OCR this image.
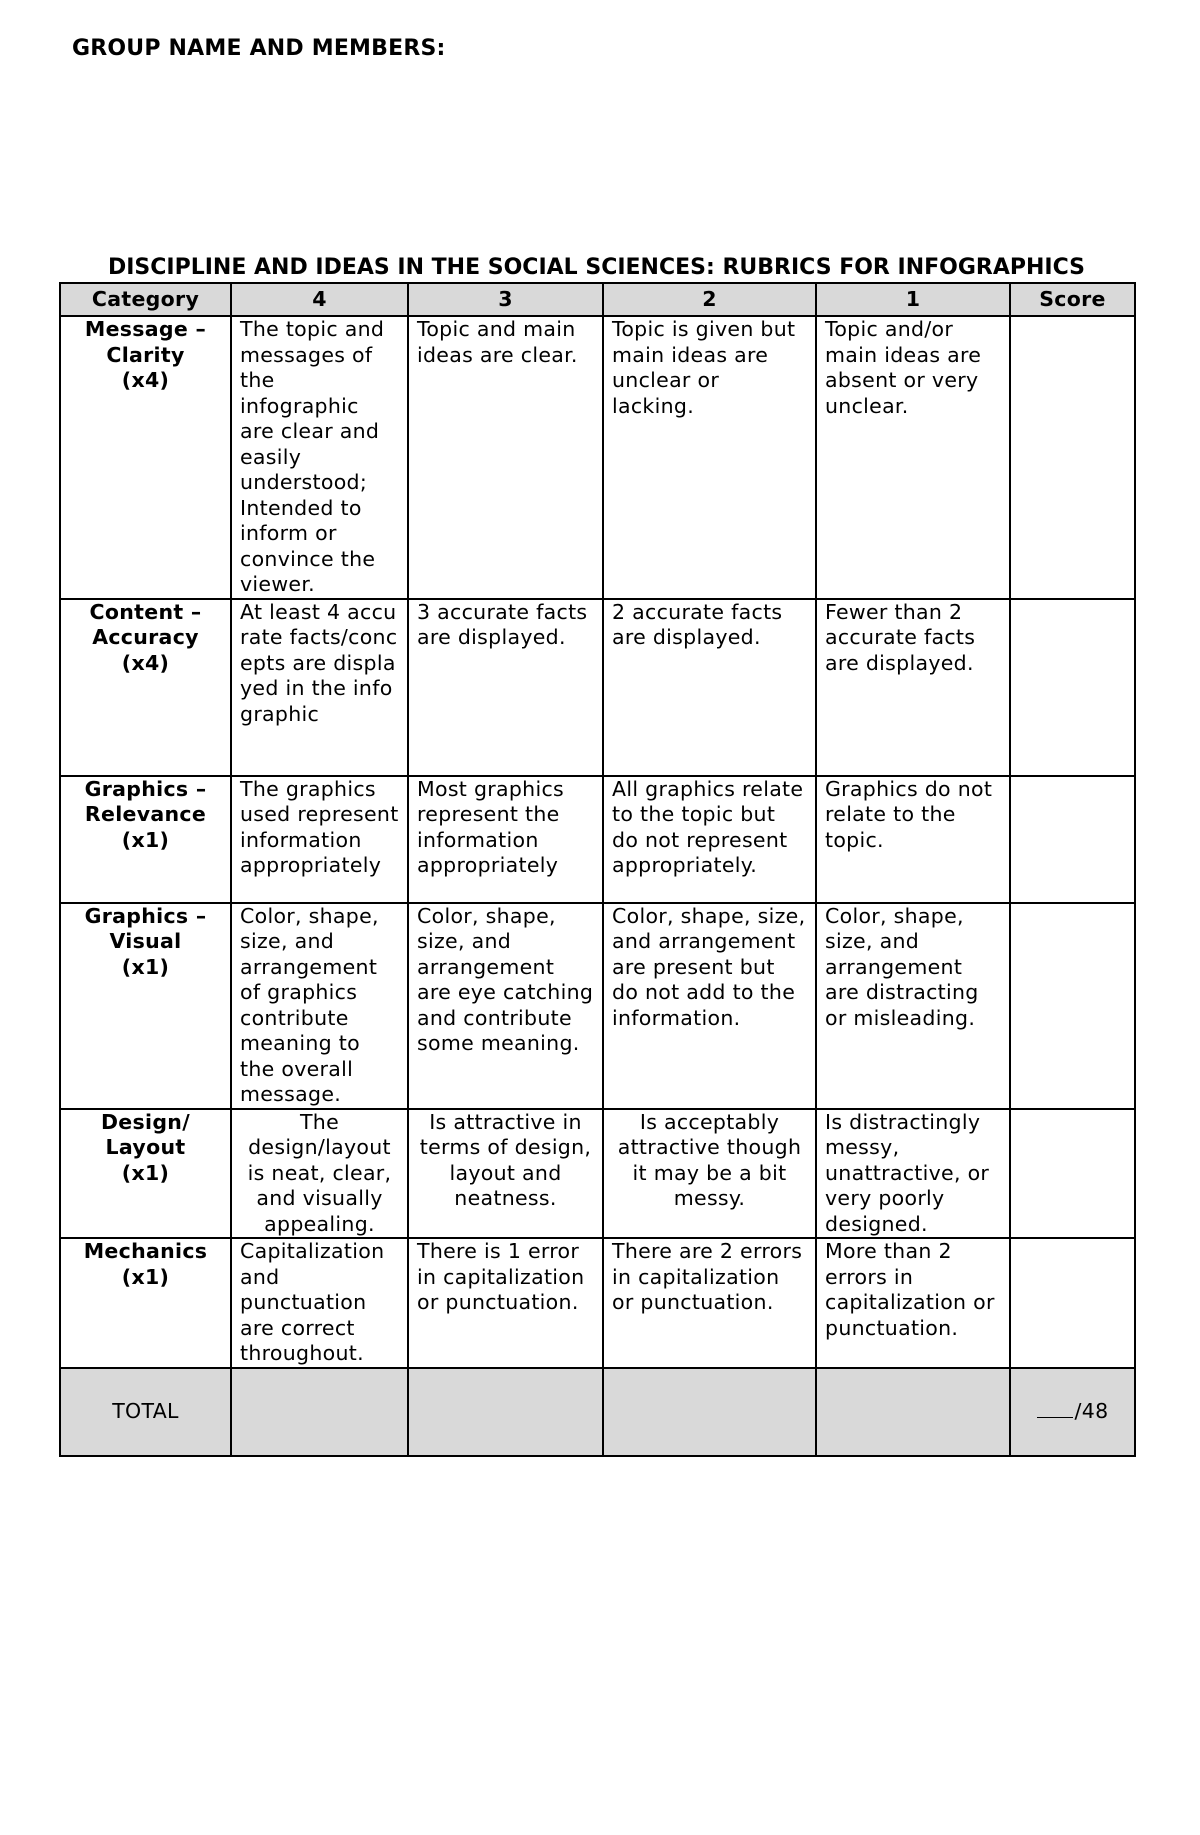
GROUP NAME AND MEMBERS:
DISCIPLINE AND IDEAS IN THE SOCIAL SCIENCES: RUBRICS FOR INFOGRAPHICS
Category	4	3	2	1	Score

Message –
Clarity
(x4)	The topic and messages of the infographic are clear and easily understood; Intended to inform or convince the viewer.	Topic and main ideas are clear.	Topic is given but main ideas are unclear or lacking.	Topic and/or main ideas are absent or very unclear.	

Content –
Accuracy
(x4)	At least 4 accurate facts/concepts are displayed in the infographic	3 accurate facts are displayed.	2 accurate facts are displayed.	Fewer than 2 accurate facts are displayed.	

Graphics –
Relevance
(x1)	The graphics used represent information appropriately	Most graphics represent the information appropriately	All graphics relate to the topic but do not represent appropriately.	Graphics do not relate to the topic.	

Graphics –
Visual
(x1)	Color, shape, size, and arrangement of graphics contribute meaning to the overall message.	Color, shape, size, and arrangement are eye catching and contribute some meaning.	Color, shape, size, and arrangement are present but do not add to the information.	Color, shape, size, and arrangement are distracting or misleading.	

Design/
Layout
(x1)	The design/layout is neat, clear, and visually appealing.	Is attractive in terms of design, layout and neatness.	Is acceptably attractive though it may be a bit messy.	Is distractingly messy, unattractive, or very poorly designed.	

Mechanics
(x1)	Capitalization and punctuation are correct throughout.	There is 1 error in capitalization or punctuation.	There are 2 errors in capitalization or punctuation.	More than 2 errors in capitalization or punctuation.	
TOTAL					/48
